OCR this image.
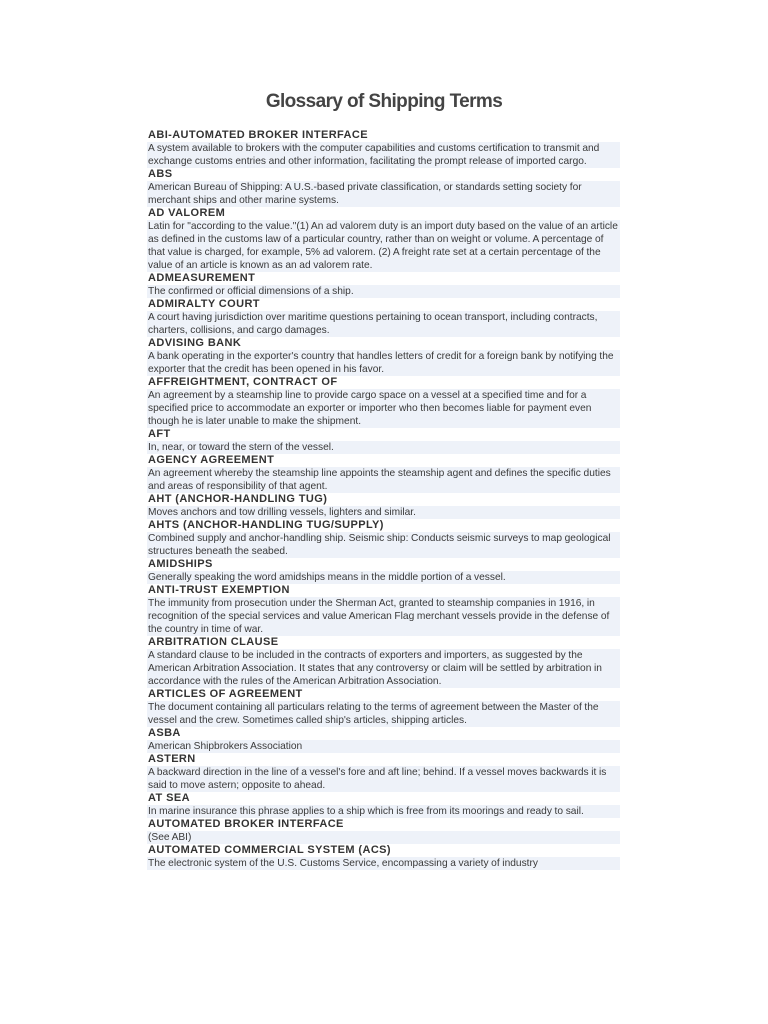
Glossary of Shipping Terms
ABI-AUTOMATED BROKER INTERFACE
A system available to brokers with the computer capabilities and customs certification to transmit and exchange customs entries and other information, facilitating the prompt release of imported cargo.
ABS
American Bureau of Shipping: A U.S.-based private classification, or standards setting society for merchant ships and other marine systems.
AD VALOREM
Latin for "according to the value."(1) An ad valorem duty is an import duty based on the value of an article as defined in the customs law of a particular country, rather than on weight or volume. A percentage of that value is charged, for example, 5% ad valorem. (2) A freight rate set at a certain percentage of the value of an article is known as an ad valorem rate.
ADMEASUREMENT
The confirmed or official dimensions of a ship.
ADMIRALTY COURT
A court having jurisdiction over maritime questions pertaining to ocean transport, including contracts, charters, collisions, and cargo damages.
ADVISING BANK
A bank operating in the exporter's country that handles letters of credit for a foreign bank by notifying the exporter that the credit has been opened in his favor.
AFFREIGHTMENT, CONTRACT OF
An agreement by a steamship line to provide cargo space on a vessel at a specified time and for a specified price to accommodate an exporter or importer who then becomes liable for payment even though he is later unable to make the shipment.
AFT
In, near, or toward the stern of the vessel.
AGENCY AGREEMENT
An agreement whereby the steamship line appoints the steamship agent and defines the specific duties and areas of responsibility of that agent.
AHT (ANCHOR-HANDLING TUG)
Moves anchors and tow drilling vessels, lighters and similar.
AHTS (ANCHOR-HANDLING TUG/SUPPLY)
Combined supply and anchor-handling ship. Seismic ship: Conducts seismic surveys to map geological structures beneath the seabed.
AMIDSHIPS
Generally speaking the word amidships means in the middle portion of a vessel.
ANTI-TRUST EXEMPTION
The immunity from prosecution under the Sherman Act, granted to steamship companies in 1916, in recognition of the special services and value American Flag merchant vessels provide in the defense of the country in time of war.
ARBITRATION CLAUSE
A standard clause to be included in the contracts of exporters and importers, as suggested by the American Arbitration Association. It states that any controversy or claim will be settled by arbitration in accordance with the rules of the American Arbitration Association.
ARTICLES OF AGREEMENT
The document containing all particulars relating to the terms of agreement between the Master of the vessel and the crew. Sometimes called ship's articles, shipping articles.
ASBA
American Shipbrokers Association
ASTERN
A backward direction in the line of a vessel's fore and aft line; behind. If a vessel moves backwards it is said to move astern; opposite to ahead.
AT SEA
In marine insurance this phrase applies to a ship which is free from its moorings and ready to sail.
AUTOMATED BROKER INTERFACE
(See ABI)
AUTOMATED COMMERCIAL SYSTEM (ACS)
The electronic system of the U.S. Customs Service, encompassing a variety of industry
